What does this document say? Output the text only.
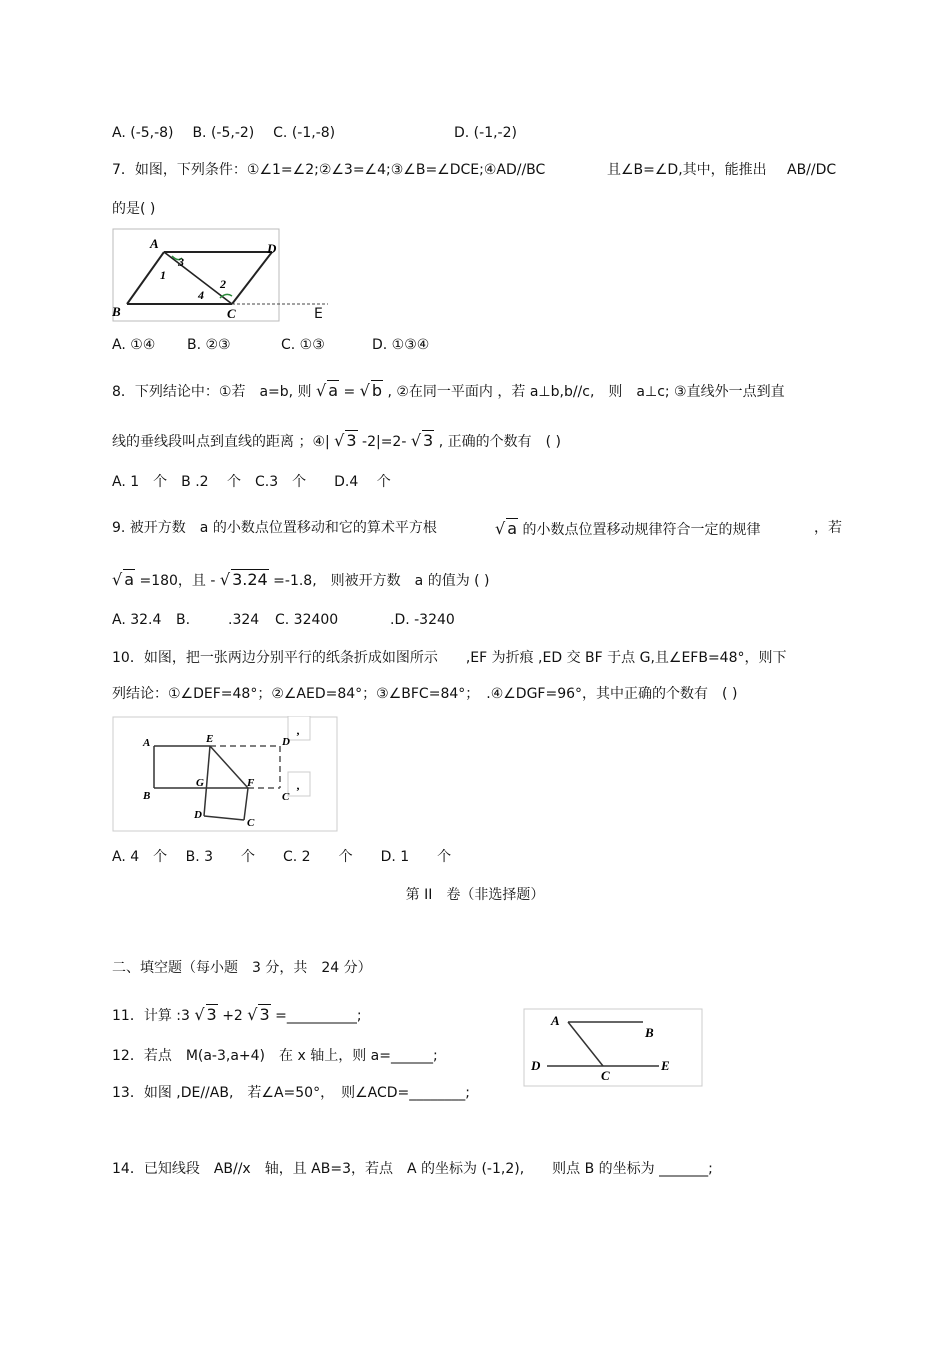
A. (-5,-8) B. (-5,-2) C. (-1,-8)	D. (-1,-2)
7．如图，下列条件：①∠1=∠2;②∠3=∠4;③∠B=∠DCE;④AD//BC	且∠B=∠D,其中，能推出 AB//DC
的是( )
A	D
B	C
1
2
3
4
E
A. ①④ B. ②③	C. ①③	D. ①③④
8．下列结论中：①若　a=b, 则 √ a = √ b , ②在同一平面内 ，若 a⊥b,b//c,　则　a⊥c; ③直线外一点到直
线的垂线段叫点到直线的距离 ；④| √ 3 -2|=2- √ 3 , 正确的个数有　( )
A. 1　个　B .2　 个　C.3　个　　D.4　 个
9. 被开方数　a 的小数点位置移动和它的算术平方根	√ a 的小数点位置移动规律符合一定的规律	，若
√ a =180，且 - √ 3.24 =-1.8,　则被开方数　a 的值为 ( )
A. 32.4 B.	.324 C. 32400	.D. -3240
10．如图，把一张两边分别平行的纸条折成如图所示　　,EF 为折痕 ,ED 交 BF 于点 G,且∠EFB=48°，则下
列结论：①∠DEF=48°；②∠AED=84°；③∠BFC=84°；　.④∠DGF=96°，其中正确的个数有　( )
A	E	D
B
G	F
C
D
C
,
,
A. 4　个　 B. 3　　个　　C. 2　　个　　D. 1　　个
第 II　卷（非选择题）
二、填空题（每小题　3 分，共　24 分）
11．计算 :3 √ 3 +2 √ 3 =__________;
12．若点　M(a-3,a+4)　在 x 轴上，则 a=______;
13．如图 ,DE//AB,　若∠A=50°，　则∠ACD=________;
A
B
D
C
E
14．已知线段　AB//x　轴，且 AB=3，若点　A 的坐标为 (-1,2),　　则点 B 的坐标为 _______;
